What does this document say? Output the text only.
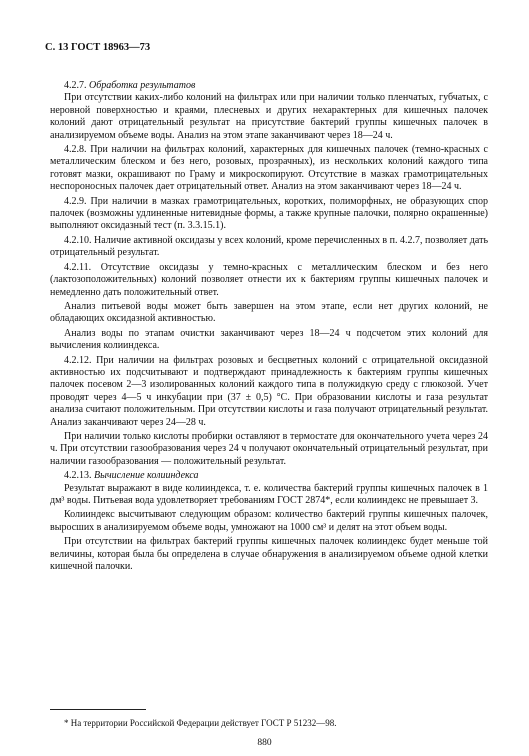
С. 13 ГОСТ 18963—73

4.2.7. Обработка результатов

При отсутствии каких-либо колоний на фильтрах или при наличии только пленчатых, губчатых, с неровной поверхностью и краями, плесневых и других нехарактерных для кишечных палочек колоний дают отрицательный результат на присутствие бактерий группы кишечных палочек в анализируемом объеме воды. Анализ на этом этапе заканчивают через 18—24 ч.

4.2.8. При наличии на фильтрах колоний, характерных для кишечных палочек (темно-красных с металлическим блеском и без него, розовых, прозрачных), из нескольких колоний каждого типа готовят мазки, окрашивают по Граму и микроскопируют. Отсутствие в мазках грамотрицательных неспороносных палочек дает отрицательный ответ. Анализ на этом заканчивают через 18—24 ч.

4.2.9. При наличии в мазках грамотрицательных, коротких, полиморфных, не образующих спор палочек (возможны удлиненные нитевидные формы, а также крупные палочки, полярно окрашенные) выполняют оксидазный тест (п. 3.3.15.1).

4.2.10. Наличие активной оксидазы у всех колоний, кроме перечисленных в п. 4.2.7, позволяет дать отрицательный результат.

4.2.11. Отсутствие оксидазы у темно-красных с металлическим блеском и без него (лактозоположительных) колоний позволяет отнести их к бактериям группы кишечных палочек и немедленно дать положительный ответ.

Анализ питьевой воды может быть завершен на этом этапе, если нет других колоний, не обладающих оксидазной активностью.

Анализ воды по этапам очистки заканчивают через 18—24 ч подсчетом этих колоний для вычисления колииндекса.

4.2.12. При наличии на фильтрах розовых и бесцветных колоний с отрицательной оксидазной активностью их подсчитывают и подтверждают принадлежность к бактериям группы кишечных палочек посевом 2—3 изолированных колоний каждого типа в полужидкую среду с глюкозой. Учет проводят через 4—5 ч инкубации при (37 ± 0,5) °С. При образовании кислоты и газа результат анализа считают положительным. При отсутствии кислоты и газа получают отрицательный результат. Анализ заканчивают через 24—28 ч.

При наличии только кислоты пробирки оставляют в термостате для окончательного учета через 24 ч. При отсутствии газообразования через 24 ч получают окончательный отрицательный результат, при наличии газообразования — положительный результат.

4.2.13. Вычисление колииндекса

Результат выражают в виде колииндекса, т. е. количества бактерий группы кишечных палочек в 1 дм³ воды. Питьевая вода удовлетворяет требованиям ГОСТ 2874*, если колииндекс не превышает 3.

Колииндекс высчитывают следующим образом: количество бактерий группы кишечных палочек, выросших в анализируемом объеме воды, умножают на 1000 см³ и делят на этот объем воды.

При отсутствии на фильтрах бактерий группы кишечных палочек колииндекс будет меньше той величины, которая была бы определена в случае обнаружения в анализируемом объеме одной клетки кишечной палочки.

* На территории Российской Федерации действует ГОСТ Р 51232—98.
880
